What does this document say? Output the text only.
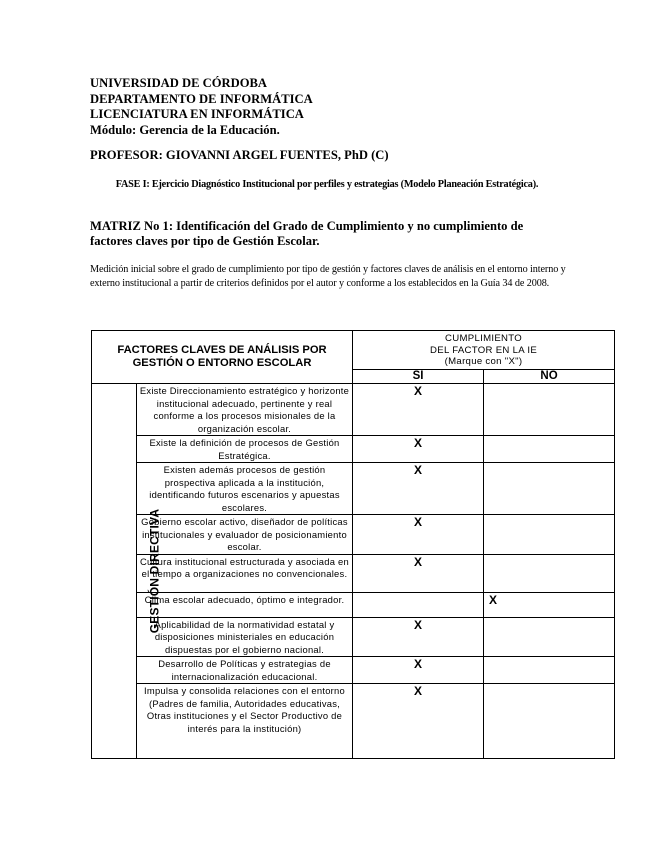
UNIVERSIDAD DE CÓRDOBA
DEPARTAMENTO DE INFORMÁTICA
LICENCIATURA EN INFORMÁTICA
Módulo: Gerencia de la Educación.
PROFESOR: GIOVANNI ARGEL FUENTES, PhD (C)
FASE I: Ejercicio Diagnóstico Institucional por perfiles y estrategias (Modelo Planeación Estratégica).
MATRIZ No 1: Identificación del Grado de Cumplimiento y no cumplimiento de factores claves por tipo de Gestión Escolar.
Medición inicial sobre el grado de cumplimiento por tipo de gestión y factores claves de análisis en el entorno interno y externo institucional a partir de criterios definidos por el autor y conforme a los establecidos en la Guía 34 de 2008.
FACTORES CLAVES DE ANÁLISIS POR GESTIÓN O ENTORNO ESCOLAR		CUMPLIMIENTO
DEL FACTOR EN LA IE
(Marque con "X")	

		SI	NO
GESTIÓN DIRECTIVA	Existe Direccionamiento estratégico y horizonte institucional adecuado, pertinente y real conforme a los procesos misionales de la organización escolar.	X	
	Existe la definición de procesos de Gestión Estratégica.	X	
	Existen además procesos de gestión prospectiva aplicada a la institución, identificando futuros escenarios y apuestas escolares.	X	
	Gobierno escolar activo, diseñador de políticas institucionales y evaluador de posicionamiento escolar.	X	
	Cultura institucional estructurada y asociada en el tiempo a organizaciones no convencionales.	X	
	Clima escolar adecuado, óptimo e integrador.		X
	Aplicabilidad de la normatividad estatal y disposiciones ministeriales en educación dispuestas por el gobierno nacional.	X	
	Desarrollo de Políticas y estrategias de internacionalización educacional.	X	
	Impulsa y consolida relaciones con el entorno (Padres de familia, Autoridades educativas,
Otras instituciones y el Sector Productivo de interés para la institución)	X	
